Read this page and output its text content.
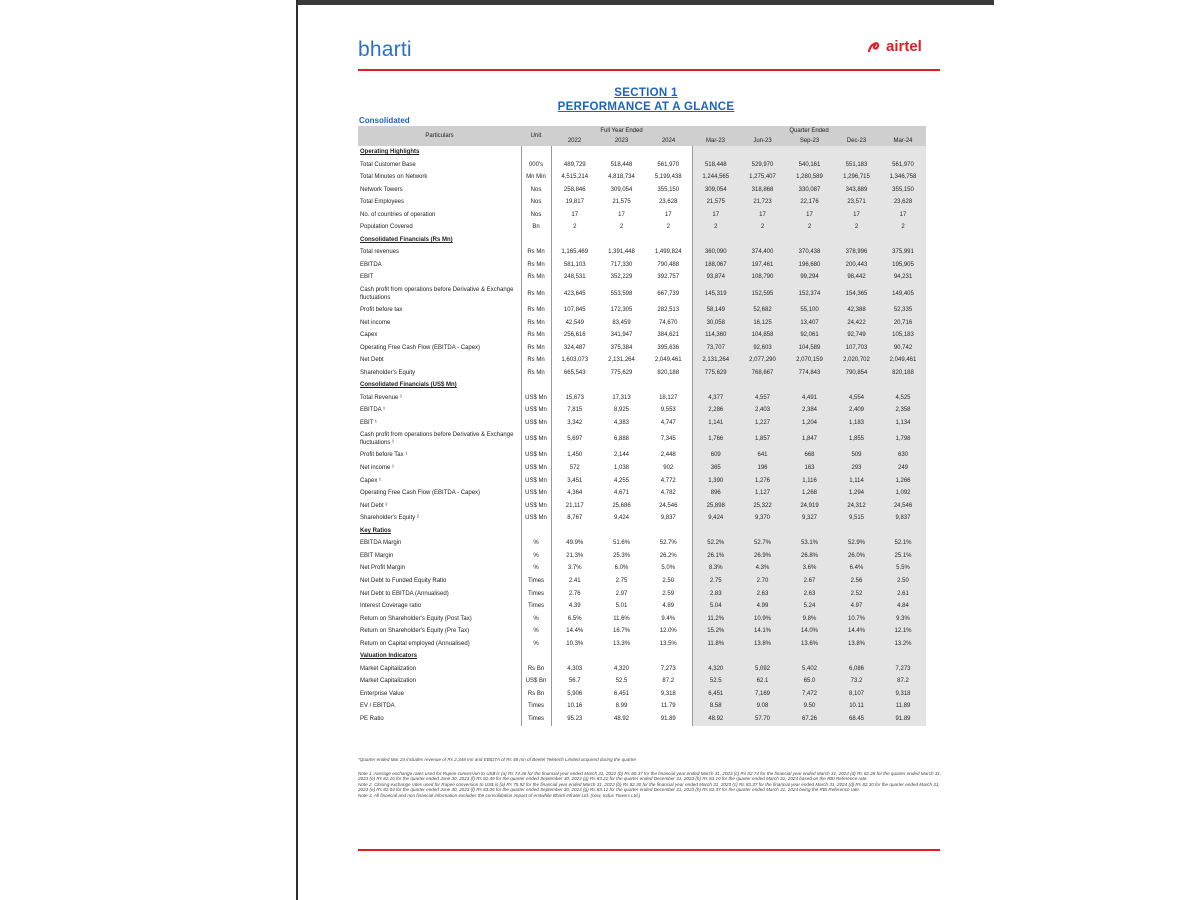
bharti	airtel
SECTION 1
PERFORMANCE AT A GLANCE
Consolidated
Particulars	Unit	Full Year Ended			Quarter Ended				
		2022	2023	2024	Mar-23	Jun-23	Sep-23	Dec-23	Mar-24
Operating Highlights									
Total Customer Base	000's	489,729	518,448	561,970	518,448	529,970	540,161	551,183	561,970
Total Minutes on Network	Mn Min	4,515,214	4,818,734	5,199,438	1,244,565	1,275,407	1,280,589	1,296,715	1,346,758
Network Towers	Nos	258,846	309,054	355,150	309,054	318,868	330,087	343,889	355,150
Total Employees	Nos	19,817	21,575	23,628	21,575	21,723	22,176	23,571	23,628
No. of countries of operation	Nos	17	17	17	17	17	17	17	17
Population Covered	Bn	2	2	2	2	2	2	2	2
Consolidated Financials (Rs Mn)									
Total revenues	Rs Mn	1,165,469	1,391,448	1,499,824	360,090	374,400	370,438	378,996	375,991
EBITDA	Rs Mn	581,103	717,330	790,488	188,067	197,461	196,680	200,443	195,905
EBIT	Rs Mn	248,531	352,229	392,757	93,874	108,790	99,294	98,442	94,231
Cash profit from operations before Derivative & Exchange fluctuations	Rs Mn	423,645	553,598	667,739	145,319	152,595	152,374	154,365	149,405
Profit before tax	Rs Mn	107,845	172,305	282,513	58,149	52,682	55,100	42,388	52,335
Net income	Rs Mn	42,549	83,459	74,670	30,058	16,125	13,407	24,422	20,716
Capex	Rs Mn	256,616	341,947	384,621	114,360	104,858	92,061	92,749	105,183
Operating Free Cash Flow (EBITDA - Capex)	Rs Mn	324,487	375,384	395,636	73,707	92,603	104,589	107,703	90,742
Net Debt	Rs Mn	1,603,073	2,131,264	2,049,461	2,131,264	2,077,290	2,070,159	2,020,702	2,049,461
Shareholder's Equity	Rs Mn	665,543	775,629	820,188	775,629	768,667	774,843	790,854	820,188
Consolidated Financials (US$ Mn)									
Total Revenue ¹	US$ Mn	15,673	17,313	18,127	4,377	4,557	4,491	4,554	4,525
EBITDA ¹	US$ Mn	7,815	8,925	9,553	2,286	2,403	2,384	2,409	2,358
EBIT ¹	US$ Mn	3,342	4,383	4,747	1,141	1,227	1,204	1,183	1,134
Cash profit from operations before Derivative & Exchange fluctuations ¹	US$ Mn	5,697	6,888	7,345	1,766	1,857	1,847	1,855	1,798
Profit before Tax ¹	US$ Mn	1,450	2,144	2,448	609	641	668	509	630
Net income ¹	US$ Mn	572	1,038	902	365	196	163	293	249
Capex ¹	US$ Mn	3,451	4,255	4,772	1,390	1,276	1,116	1,114	1,266
Operating Free Cash Flow (EBITDA - Capex)	US$ Mn	4,364	4,671	4,782	896	1,127	1,268	1,294	1,092
Net Debt ²	US$ Mn	21,117	25,686	24,546	25,898	25,322	24,919	24,312	24,546
Shareholder's Equity ²	US$ Mn	8,767	9,424	9,837	9,424	9,370	9,327	9,515	9,837
Key Ratios									
EBITDA Margin	%	49.9%	51.6%	52.7%	52.2%	52.7%	53.1%	52.9%	52.1%
EBIT Margin	%	21.3%	25.3%	26.2%	26.1%	26.9%	26.8%	26.0%	25.1%
Net Profit Margin	%	3.7%	6.0%	5.0%	8.3%	4.3%	3.6%	6.4%	5.5%
Net Debt to Funded Equity Ratio	Times	2.41	2.75	2.50	2.75	2.70	2.67	2.56	2.50
Net Debt to EBITDA (Annualised)	Times	2.76	2.97	2.59	2.83	2.63	2.63	2.52	2.61
Interest Coverage ratio	Times	4.39	5.01	4.89	5.04	4.99	5.24	4.97	4.84
Return on Shareholder's Equity (Post Tax)	%	6.5%	11.6%	9.4%	11.2%	10.9%	9.8%	10.7%	9.3%
Return on Shareholder's Equity (Pre Tax)	%	14.4%	16.7%	12.0%	15.2%	14.1%	14.0%	14.4%	12.1%
Return on Capital employed (Annualised)	%	10.3%	13.3%	13.5%	11.8%	13.8%	13.6%	13.8%	13.2%
Valuation Indicators									
Market Capitalization	Rs Bn	4,303	4,320	7,273	4,320	5,092	5,402	6,086	7,273
Market Capitalization	US$ Bn	56.7	52.5	87.2	52.5	62.1	65.0	73.2	87.2
Enterprise Value	Rs Bn	5,906	6,451	9,318	6,451	7,169	7,472	8,107	9,318
EV / EBITDA	Times	10.16	8.99	11.79	8.58	9.08	9.50	10.11	11.89
PE Ratio	Times	95.23	48.92	91.89	48.92	57.70	67.26	68.45	91.89

*Quarter ended Mar 24 includes revenue of Rs 2,348 mn and EBIDTA of Rs 48 mn of Beetel Teletech Limited acquired during the quarter

Note 1. Average exchange rates used for Rupee conversion to US$ is (a) Rs 74.36 for the financial year ended March 31, 2022 (b) Rs 80.37 for the financial year ended March 31, 2023 (c) Rs 82.74 for the financial year ended March 31, 2024 (d) Rs 82.28 for the quarter ended March 31, 2023 (e) Rs 82.16 for the quarter ended June 30, 2023 (f) Rs 82.49 for the quarter ended September 30, 2023 (g) Rs 83.22 for the quarter ended December 31, 2023 (h) Rs 83.10 for the quarter ended March 31, 2024 based on the RBI Reference rate.

Note 2. Closing exchange rates used for Rupee conversion to US$ is (a) Rs 75.92 for the financial year ended March 31, 2022 (b) Rs 82.30 for the financial year ended March 31, 2023 (c) Rs 83.37 for the financial year ended March 31, 2024 (d) Rs 82.30 for the quarter ended March 31, 2023 (e) Rs 82.04 for the quarter ended June 30, 2023 (f) Rs 83.06 for the quarter ended September 30, 2023 (g) Rs 83.12 for the quarter ended December 31, 2023 (h) Rs 83.37 for the quarter ended March 31, 2024 being the RBI Reference rate.

Note 3. All financial and non financial information excludes the consolidation impact of erstwhile Bharti Infratel Ltd. (now, Indus Towers Ltd.)
